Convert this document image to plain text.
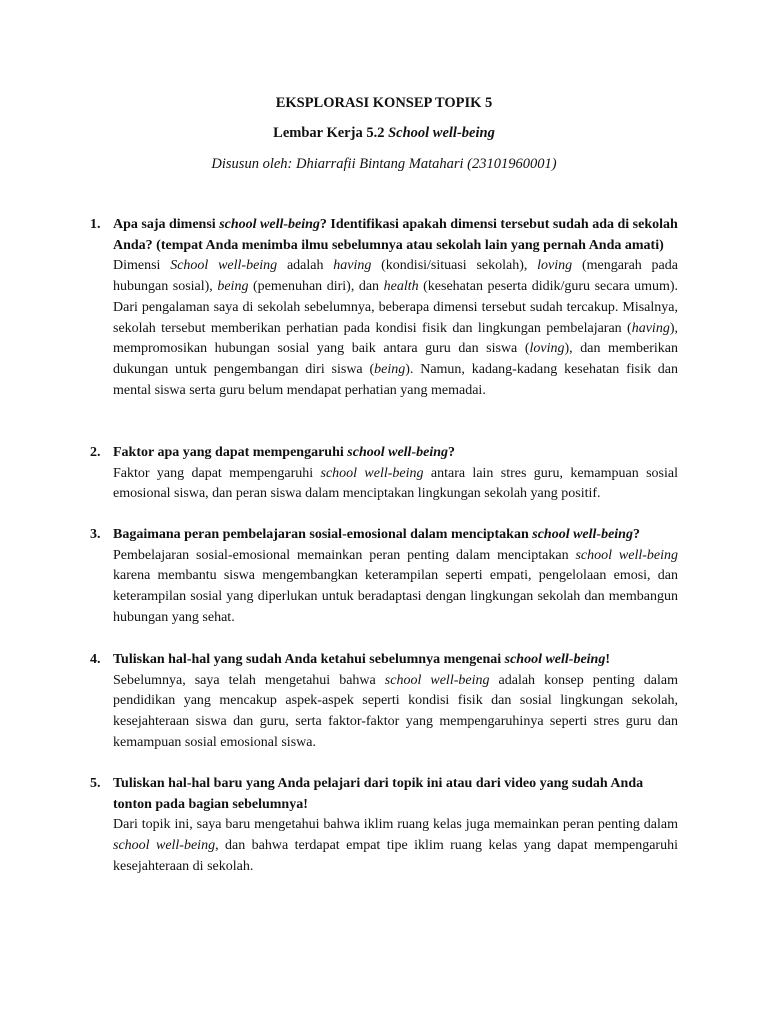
EKSPLORASI KONSEP TOPIK 5
Lembar Kerja 5.2 School well-being
Disusun oleh: Dhiarrafii Bintang Matahari (23101960001)
1. Apa saja dimensi school well-being? Identifikasi apakah dimensi tersebut sudah ada di sekolah Anda? (tempat Anda menimba ilmu sebelumnya atau sekolah lain yang pernah Anda amati)
Dimensi School well-being adalah having (kondisi/situasi sekolah), loving (mengarah pada hubungan sosial), being (pemenuhan diri), dan health (kesehatan peserta didik/guru secara umum). Dari pengalaman saya di sekolah sebelumnya, beberapa dimensi tersebut sudah tercakup. Misalnya, sekolah tersebut memberikan perhatian pada kondisi fisik dan lingkungan pembelajaran (having), mempromosikan hubungan sosial yang baik antara guru dan siswa (loving), dan memberikan dukungan untuk pengembangan diri siswa (being). Namun, kadang-kadang kesehatan fisik dan mental siswa serta guru belum mendapat perhatian yang memadai.
2. Faktor apa yang dapat mempengaruhi school well-being?
Faktor yang dapat mempengaruhi school well-being antara lain stres guru, kemampuan sosial emosional siswa, dan peran siswa dalam menciptakan lingkungan sekolah yang positif.
3. Bagaimana peran pembelajaran sosial-emosional dalam menciptakan school well-being?
Pembelajaran sosial-emosional memainkan peran penting dalam menciptakan school well-being karena membantu siswa mengembangkan keterampilan seperti empati, pengelolaan emosi, dan keterampilan sosial yang diperlukan untuk beradaptasi dengan lingkungan sekolah dan membangun hubungan yang sehat.
4. Tuliskan hal-hal yang sudah Anda ketahui sebelumnya mengenai school well-being!
Sebelumnya, saya telah mengetahui bahwa school well-being adalah konsep penting dalam pendidikan yang mencakup aspek-aspek seperti kondisi fisik dan sosial lingkungan sekolah, kesejahteraan siswa dan guru, serta faktor-faktor yang mempengaruhinya seperti stres guru dan kemampuan sosial emosional siswa.
5. Tuliskan hal-hal baru yang Anda pelajari dari topik ini atau dari video yang sudah Anda tonton pada bagian sebelumnya!
Dari topik ini, saya baru mengetahui bahwa iklim ruang kelas juga memainkan peran penting dalam school well-being, dan bahwa terdapat empat tipe iklim ruang kelas yang dapat mempengaruhi kesejahteraan di sekolah.
